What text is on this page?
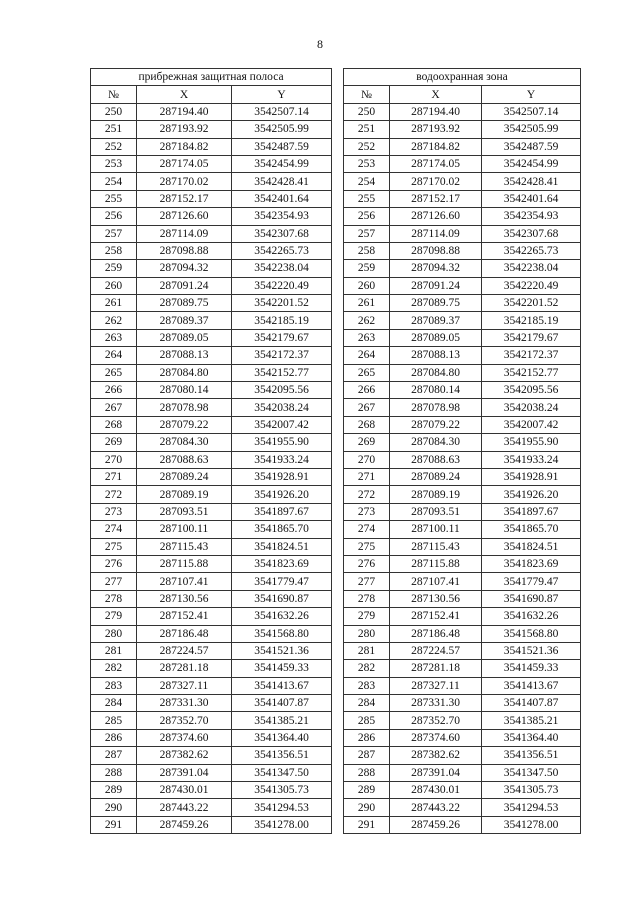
8
прибрежная защитная полоса		
№	X	Y
250	287194.40	3542507.14
251	287193.92	3542505.99
252	287184.82	3542487.59
253	287174.05	3542454.99
254	287170.02	3542428.41
255	287152.17	3542401.64
256	287126.60	3542354.93
257	287114.09	3542307.68
258	287098.88	3542265.73
259	287094.32	3542238.04
260	287091.24	3542220.49
261	287089.75	3542201.52
262	287089.37	3542185.19
263	287089.05	3542179.67
264	287088.13	3542172.37
265	287084.80	3542152.77
266	287080.14	3542095.56
267	287078.98	3542038.24
268	287079.22	3542007.42
269	287084.30	3541955.90
270	287088.63	3541933.24
271	287089.24	3541928.91
272	287089.19	3541926.20
273	287093.51	3541897.67
274	287100.11	3541865.70
275	287115.43	3541824.51
276	287115.88	3541823.69
277	287107.41	3541779.47
278	287130.56	3541690.87
279	287152.41	3541632.26
280	287186.48	3541568.80
281	287224.57	3541521.36
282	287281.18	3541459.33
283	287327.11	3541413.67
284	287331.30	3541407.87
285	287352.70	3541385.21
286	287374.60	3541364.40
287	287382.62	3541356.51
288	287391.04	3541347.50
289	287430.01	3541305.73
290	287443.22	3541294.53
291	287459.26	3541278.00
водоохранная зона		
№	X	Y
250	287194.40	3542507.14
251	287193.92	3542505.99
252	287184.82	3542487.59
253	287174.05	3542454.99
254	287170.02	3542428.41
255	287152.17	3542401.64
256	287126.60	3542354.93
257	287114.09	3542307.68
258	287098.88	3542265.73
259	287094.32	3542238.04
260	287091.24	3542220.49
261	287089.75	3542201.52
262	287089.37	3542185.19
263	287089.05	3542179.67
264	287088.13	3542172.37
265	287084.80	3542152.77
266	287080.14	3542095.56
267	287078.98	3542038.24
268	287079.22	3542007.42
269	287084.30	3541955.90
270	287088.63	3541933.24
271	287089.24	3541928.91
272	287089.19	3541926.20
273	287093.51	3541897.67
274	287100.11	3541865.70
275	287115.43	3541824.51
276	287115.88	3541823.69
277	287107.41	3541779.47
278	287130.56	3541690.87
279	287152.41	3541632.26
280	287186.48	3541568.80
281	287224.57	3541521.36
282	287281.18	3541459.33
283	287327.11	3541413.67
284	287331.30	3541407.87
285	287352.70	3541385.21
286	287374.60	3541364.40
287	287382.62	3541356.51
288	287391.04	3541347.50
289	287430.01	3541305.73
290	287443.22	3541294.53
291	287459.26	3541278.00
